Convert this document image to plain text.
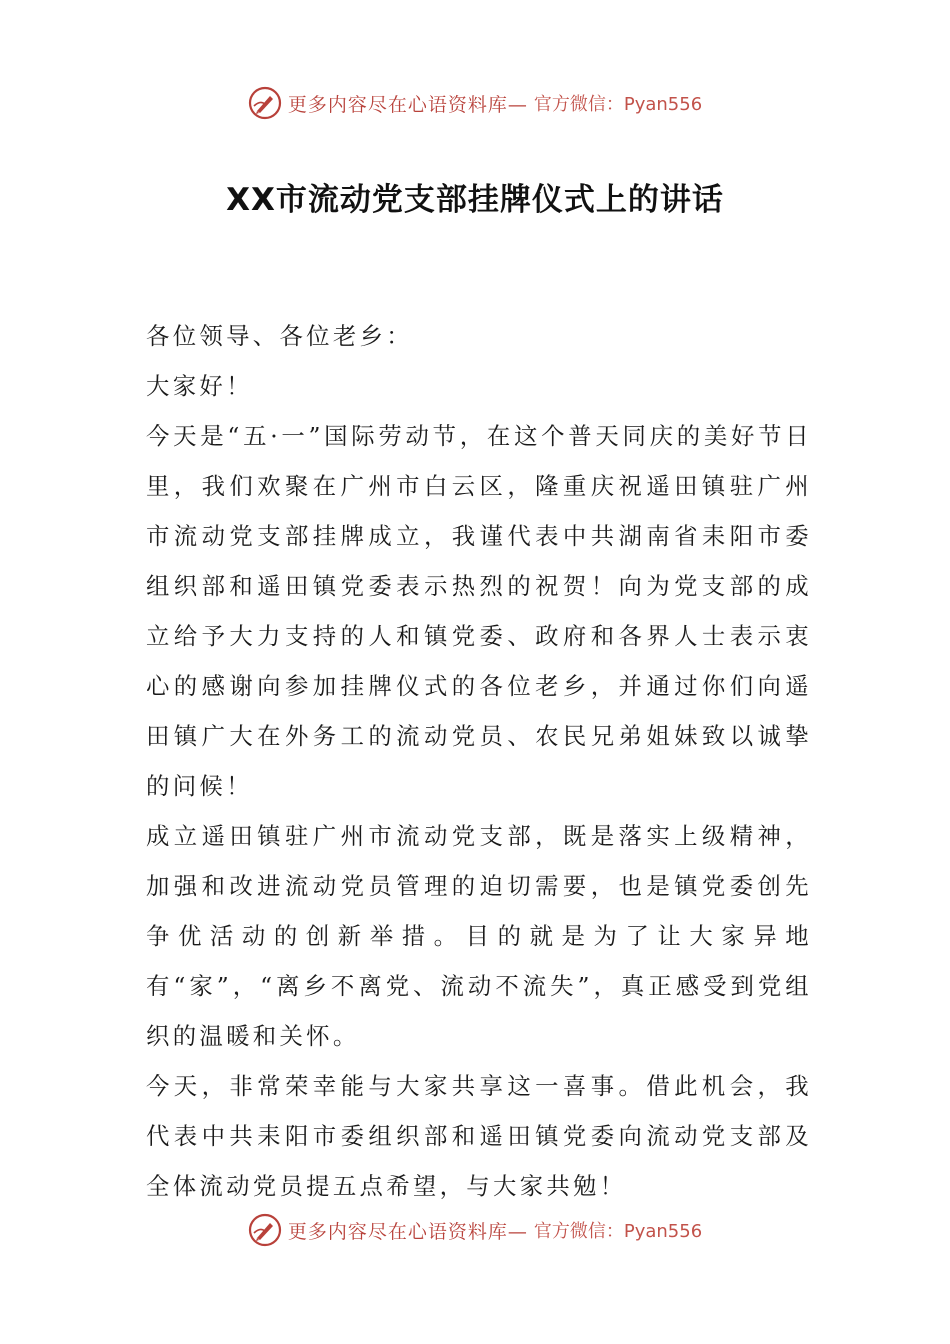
更多内容尽在心语资料库— 官方微信：Pyan556
XX市流动党支部挂牌仪式上的讲话

各位领导、各位老乡：

大家好！

今天是“五·一”国际劳动节，在这个普天同庆的美好节日里，我们欢聚在广州市白云区，隆重庆祝遥田镇驻广州市流动党支部挂牌成立，我谨代表中共湖南省耒阳市委组织部和遥田镇党委表示热烈的祝贺！向为党支部的成立给予大力支持的人和镇党委、政府和各界人士表示衷心的感谢向参加挂牌仪式的各位老乡，并通过你们向遥田镇广大在外务工的流动党员、农民兄弟姐妹致以诚挚的问候！

成立遥田镇驻广州市流动党支部，既是落实上级精神，加强和改进流动党员管理的迫切需要，也是镇党委创先争优活动的创新举措。目的就是为了让大家异地有“家”，“离乡不离党、流动不流失”，真正感受到党组织的温暖和关怀。

今天，非常荣幸能与大家共享这一喜事。借此机会，我代表中共耒阳市委组织部和遥田镇党委向流动党支部及全体流动党员提五点希望，与大家共勉！

更多内容尽在心语资料库— 官方微信：Pyan556
